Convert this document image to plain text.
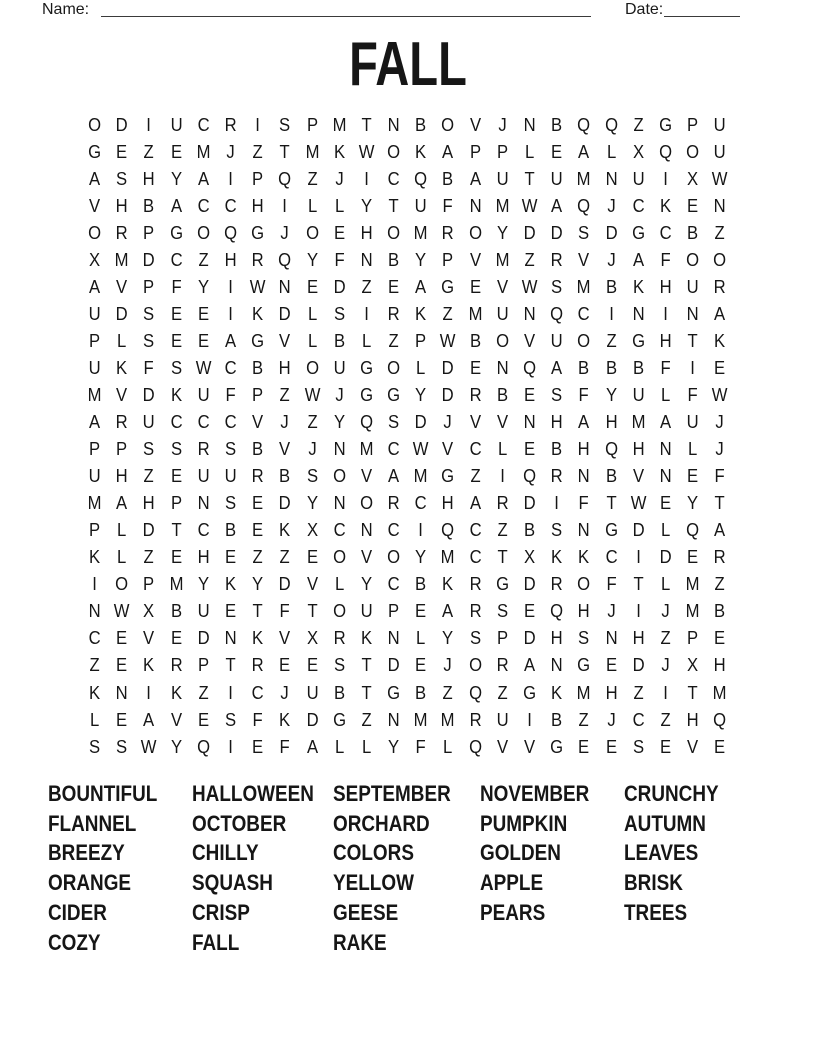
Name:	Date:
FALL
O D	I	U C R	I	S P M T N B O V J N B Q Q Z G P U
G E Z E M J Z T M K W O K A P P L E A L X Q O U
A S H Y A	I	P Q Z J	I	C Q B A U T U M N U	I	X W
V H B A C C H	I	L L Y T U F N M W A Q J C K E N
O R P G O Q G J O E H O M R O Y D D S D G C B Z
X M D C Z H R Q Y F N B Y P V M Z R V J A F O O
A V P F Y	I W N E D Z E A G E V W S M B K H U R
U D S E E	I	K D L S	I	R K Z M U N Q C	I	N	I	N A
P L S E E A G V L B L Z P W B O V U O Z G H T K
U K F S W C B H O U G O L D E N Q A B B B F	I	E
M V D K U F P Z W J G G Y D R B E S F Y U L F W
A R U C C C V J Z Y Q S D J V V N H A H M A U J
P P S S R S B V J N M C W V C L E B H Q H N L J
U H Z E U U R B S O V A M G Z	I Q R N B V N E F
M A H P N S E D Y N O R C H A R D	I	F T W E Y T
P L D T C B E K X C N C	I Q C Z B S N G D L Q A
K L Z E H E Z Z E O V O Y M C T X K K C	I	D E R
I O P M Y K Y D V L Y C B K R G D R O F T L M Z
N W X B U E T F T O U P E A R S E Q H J	I	J M B
C E V E D N K V X R K N L Y S P D H S N H Z P E
Z E K R P T R E E S T D E J O R A N G E D J X H
K N	I	K Z	I	C J U B T G B Z Q Z G K M H Z	I	T M
L E A V E S F K D G Z N M M R U	I	B Z J C Z H Q
S S W Y Q I	E F A L L Y F L Q V V G E E S E V E
BOUNTIFUL
FLANNEL
BREEZY
ORANGE
CIDER
COZY
HALLOWEEN
OCTOBER
CHILLY
SQUASH
CRISP
FALL
SEPTEMBER
ORCHARD
COLORS
YELLOW
GEESE
RAKE
NOVEMBER
PUMPKIN
GOLDEN
APPLE
PEARS
CRUNCHY
AUTUMN
LEAVES
BRISK
TREES
